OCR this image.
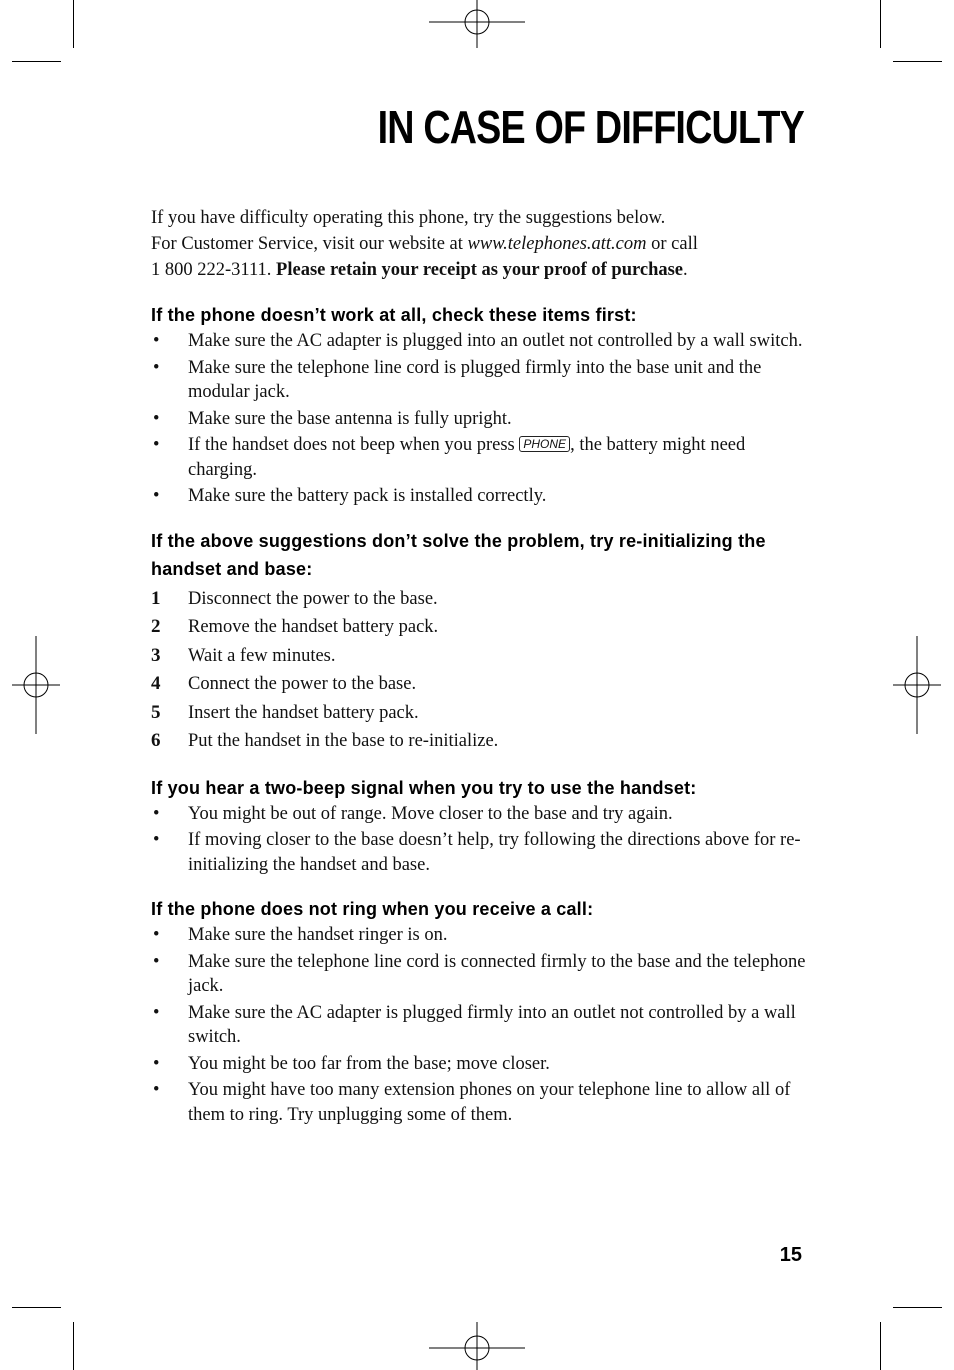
IN CASE OF DIFFICULTY

If you have difficulty operating this phone, try the suggestions below.

For Customer Service, visit our website at www.telephones.att.com or call

1 800 222-3111. Please retain your receipt as your proof of purchase.

If the phone doesn’t work at all, check these items first:
• Make sure the AC adapter is plugged into an outlet not controlled by a wall switch.
• Make sure the telephone line cord is plugged firmly into the base unit and the modular jack.
• Make sure the base antenna is fully upright.
• If the handset does not beep when you press PHONE , the battery might need charging.
• Make sure the battery pack is installed correctly.
If the above suggestions don’t solve the problem, try re-initializing the handset and base:
1 Disconnect the power to the base.
2 Remove the handset battery pack.
3 Wait a few minutes.
4 Connect the power to the base.
5 Insert the handset battery pack.
6 Put the handset in the base to re-initialize.
If you hear a two-beep signal when you try to use the handset:
• You might be out of range. Move closer to the base and try again.
• If moving closer to the base doesn’t help, try following the directions above for re-initializing the handset and base.
If the phone does not ring when you receive a call:
• Make sure the handset ringer is on.
• Make sure the telephone line cord is connected firmly to the base and the telephone jack.
• Make sure the AC adapter is plugged firmly into an outlet not controlled by a wall switch.
• You might be too far from the base; move closer.
• You might have too many extension phones on your telephone line to allow all of them to ring. Try unplugging some of them.
15
